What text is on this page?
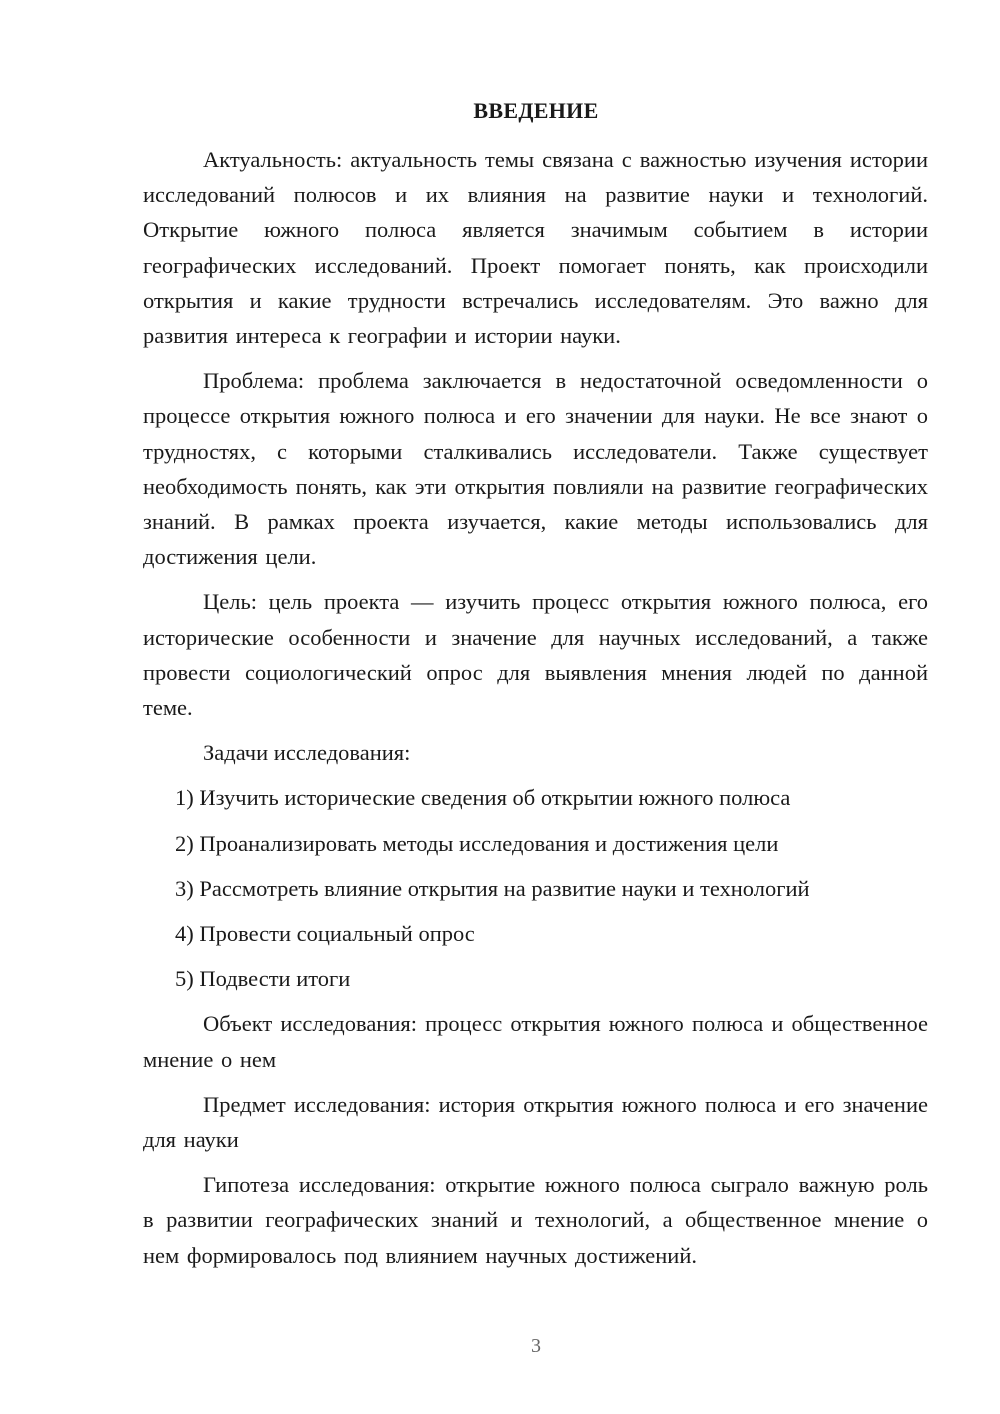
ВВЕДЕНИЕ

Актуальность: актуальность темы связана с важностью изучения истории исследований полюсов и их влияния на развитие науки и технологий. Открытие южного полюса является значимым событием в истории географических исследований. Проект помогает понять, как происходили открытия и какие трудности встречались исследователям. Это важно для развития интереса к географии и истории науки.

Проблема: проблема заключается в недостаточной осведомленности о процессе открытия южного полюса и его значении для науки. Не все знают о трудностях, с которыми сталкивались исследователи. Также существует необходимость понять, как эти открытия повлияли на развитие географических знаний. В рамках проекта изучается, какие методы использовались для достижения цели.

Цель: цель проекта — изучить процесс открытия южного полюса, его исторические особенности и значение для научных исследований, а также провести социологический опрос для выявления мнения людей по данной теме.

Задачи исследования:

1) Изучить исторические сведения об открытии южного полюса

2) Проанализировать методы исследования и достижения цели

3) Рассмотреть влияние открытия на развитие науки и технологий

4) Провести социальный опрос

5) Подвести итоги

Объект исследования: процесс открытия южного полюса и общественное мнение о нем

Предмет исследования: история открытия южного полюса и его значение для науки

Гипотеза исследования: открытие южного полюса сыграло важную роль в развитии географических знаний и технологий, а общественное мнение о нем формировалось под влиянием научных достижений.

3
